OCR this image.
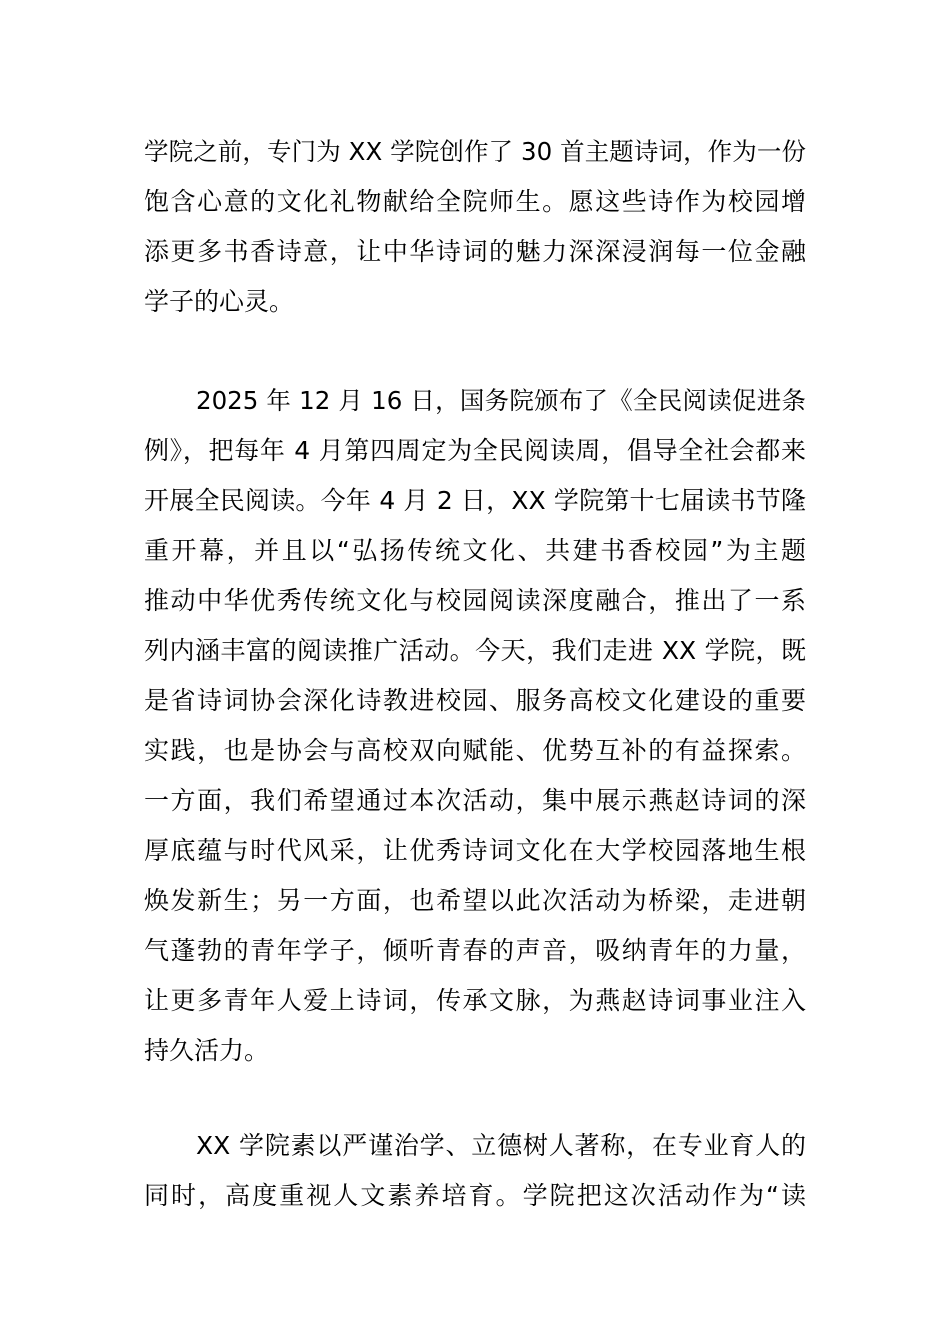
学院之前，专门为 XX 学院创作了 30 首主题诗词，作为一份
饱含心意的文化礼物献给全院师生。愿这些诗作为校园增
添更多书香诗意，让中华诗词的魅力深深浸润每一位金融
学子的心灵。
2025 年 12 月 16 日，国务院颁布了《全民阅读促进条
例》，把每年 4 月第四周定为全民阅读周，倡导全社会都来
开展全民阅读。今年 4 月 2 日，XX 学院第十七届读书节隆
重开幕，并且以“弘扬传统文化、共建书香校园”为主题
推动中华优秀传统文化与校园阅读深度融合，推出了一系
列内涵丰富的阅读推广活动。今天，我们走进 XX 学院，既
是省诗词协会深化诗教进校园、服务高校文化建设的重要
实践，也是协会与高校双向赋能、优势互补的有益探索。
一方面，我们希望通过本次活动，集中展示燕赵诗词的深
厚底蕴与时代风采，让优秀诗词文化在大学校园落地生根
焕发新生；另一方面，也希望以此次活动为桥梁，走进朝
气蓬勃的青年学子，倾听青春的声音，吸纳青年的力量，
让更多青年人爱上诗词，传承文脉，为燕赵诗词事业注入
持久活力。
XX 学院素以严谨治学、立德树人著称，在专业育人的
同时，高度重视人文素养培育。学院把这次活动作为“读
